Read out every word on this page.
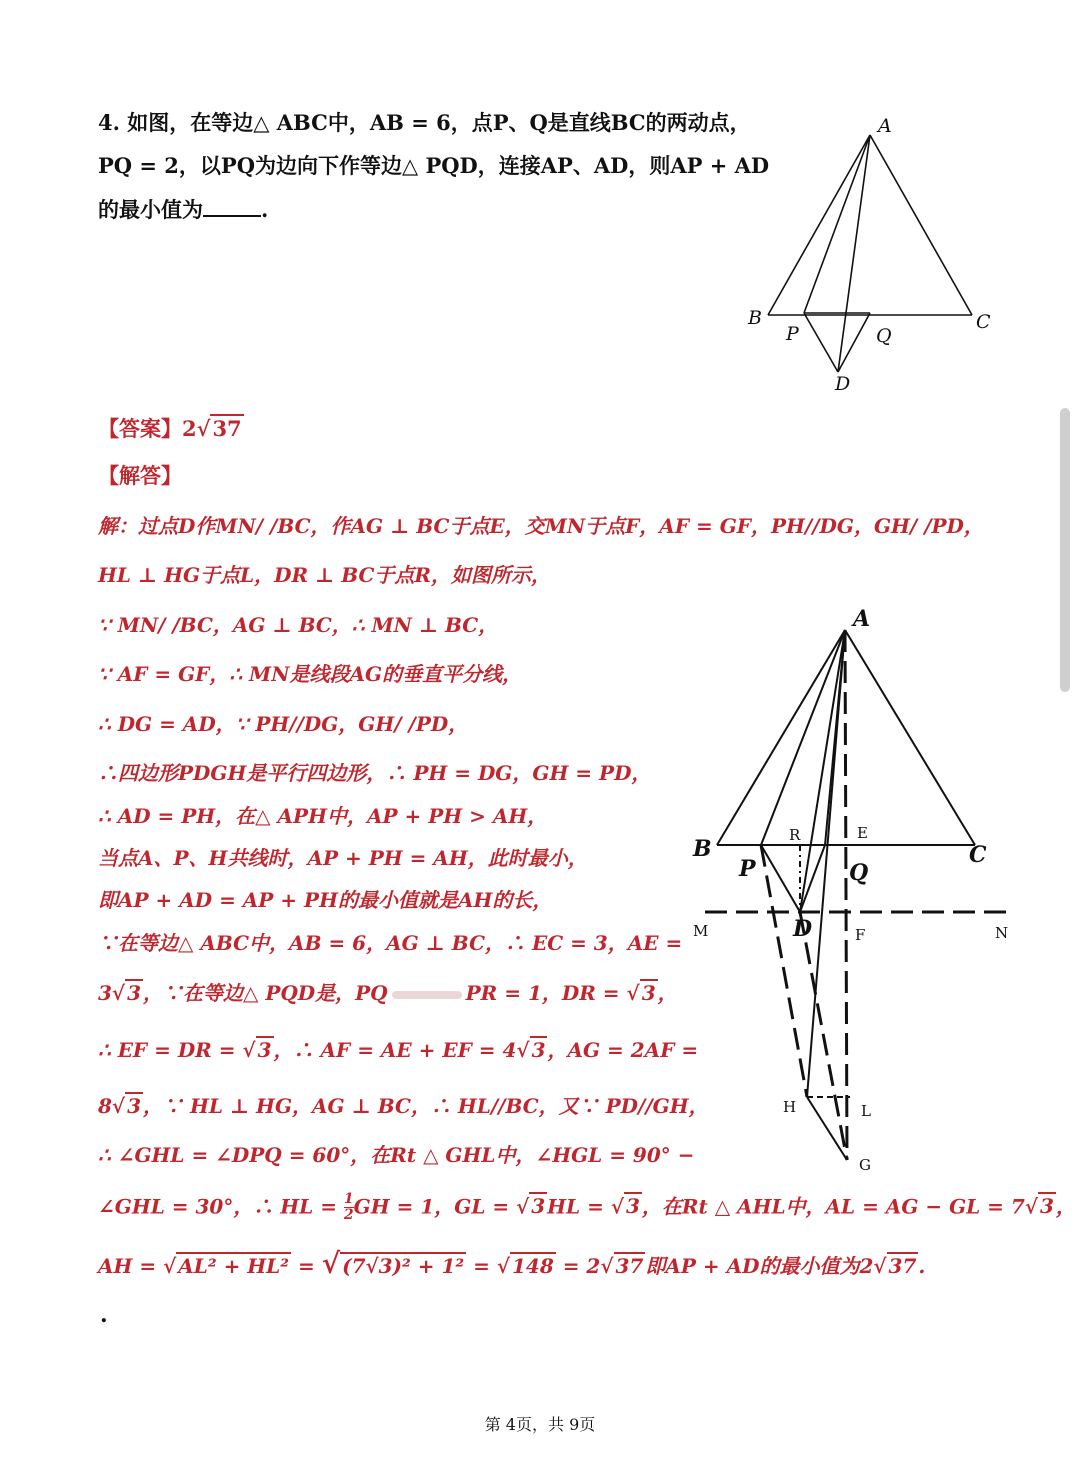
4. 如图，在等边△ ABC中，AB = 6，点P、Q是直线BC的两动点，
PQ = 2，以PQ为边向下作等边△ PQD，连接AP、AD，则AP + AD
的最小值为	.
A
B	C
P	Q
D
【答案】2√37
【解答】
解：过点D作MN/ /BC，作AG ⊥ BC于点E，交MN于点F，AF = GF，PH//DG，GH/ /PD，
HL ⊥ HG于点L，DR ⊥ BC于点R，如图所示，
∵ MN/ /BC，AG ⊥ BC，∴ MN ⊥ BC，
∵ AF = GF，∴ MN是线段AG的垂直平分线，
∴ DG = AD，∵ PH//DG，GH/ /PD，
∴四边形PDGH是平行四边形，∴ PH = DG，GH = PD，
∴ AD = PH，在△ APH中，AP + PH > AH，
当点A、P、H共线时，AP + PH = AH，此时最小，
即AP + AD = AP + PH的最小值就是AH的长，
∵在等边△ ABC中，AB = 6，AG ⊥ BC，∴ EC = 3，AE =
3√ 3 ，∵在等边△ PQD是，PQ	PR = 1，DR = √ 3 ，
∴ EF = DR = √ 3 ，∴ AF = AE + EF = 4√ 3 ，AG = 2AF =
8√ 3 ，∵ HL ⊥ HG，AG ⊥ BC，∴ HL//BC，又∵ PD//GH，
∴ ∠GHL = ∠DPQ = 60°，在Rt △ GHL中，∠HGL = 90° −
∠GHL = 30°，∴ HL = $\frac{1}{2}$ GH = 1，GL = √ 3 HL = √ 3 ，在Rt △ AHL中，AL = AG − GL = 7√ 3 ，
AH = √ AL² + HL² = √ (7√3)² + 1² = √ 148 = 2√ 37 即AP + AD的最小值为2√ 37 .
A
B	C
P	Q
D
R	E
M	F	N
H	L
G
.
第 4页，共 9页
